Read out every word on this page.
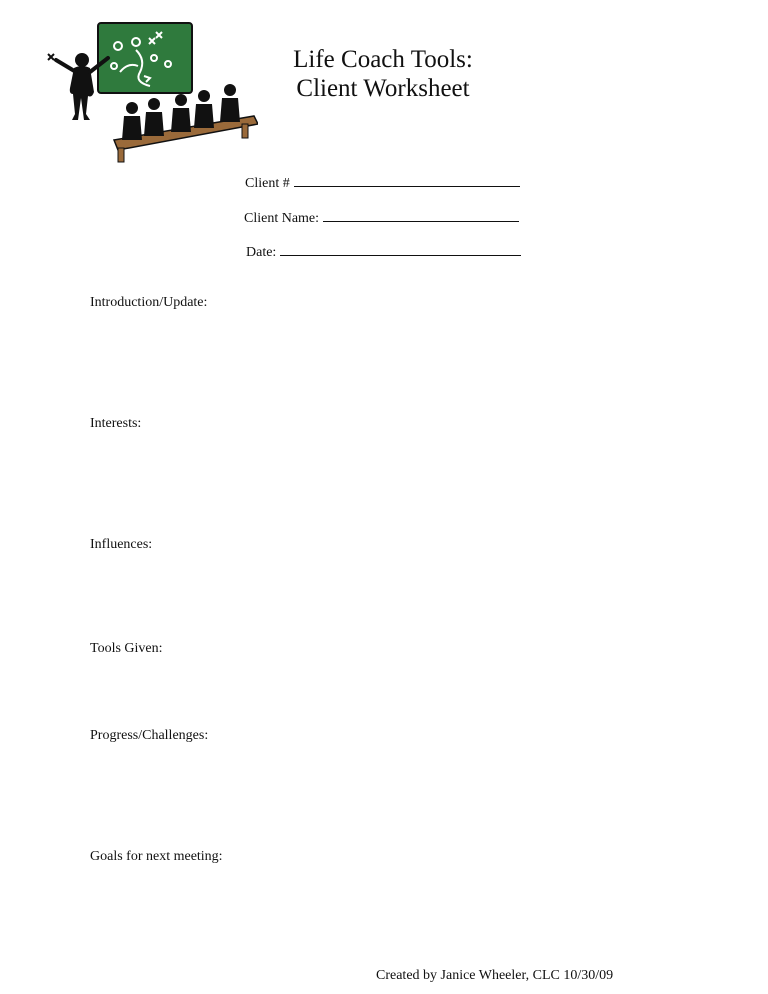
Life Coach Tools:
Client Worksheet
Client #
Client Name:
Date:
Introduction/Update:
Interests:
Influences:
Tools Given:
Progress/Challenges:
Goals for next meeting:
Created by Janice Wheeler, CLC 10/30/09
